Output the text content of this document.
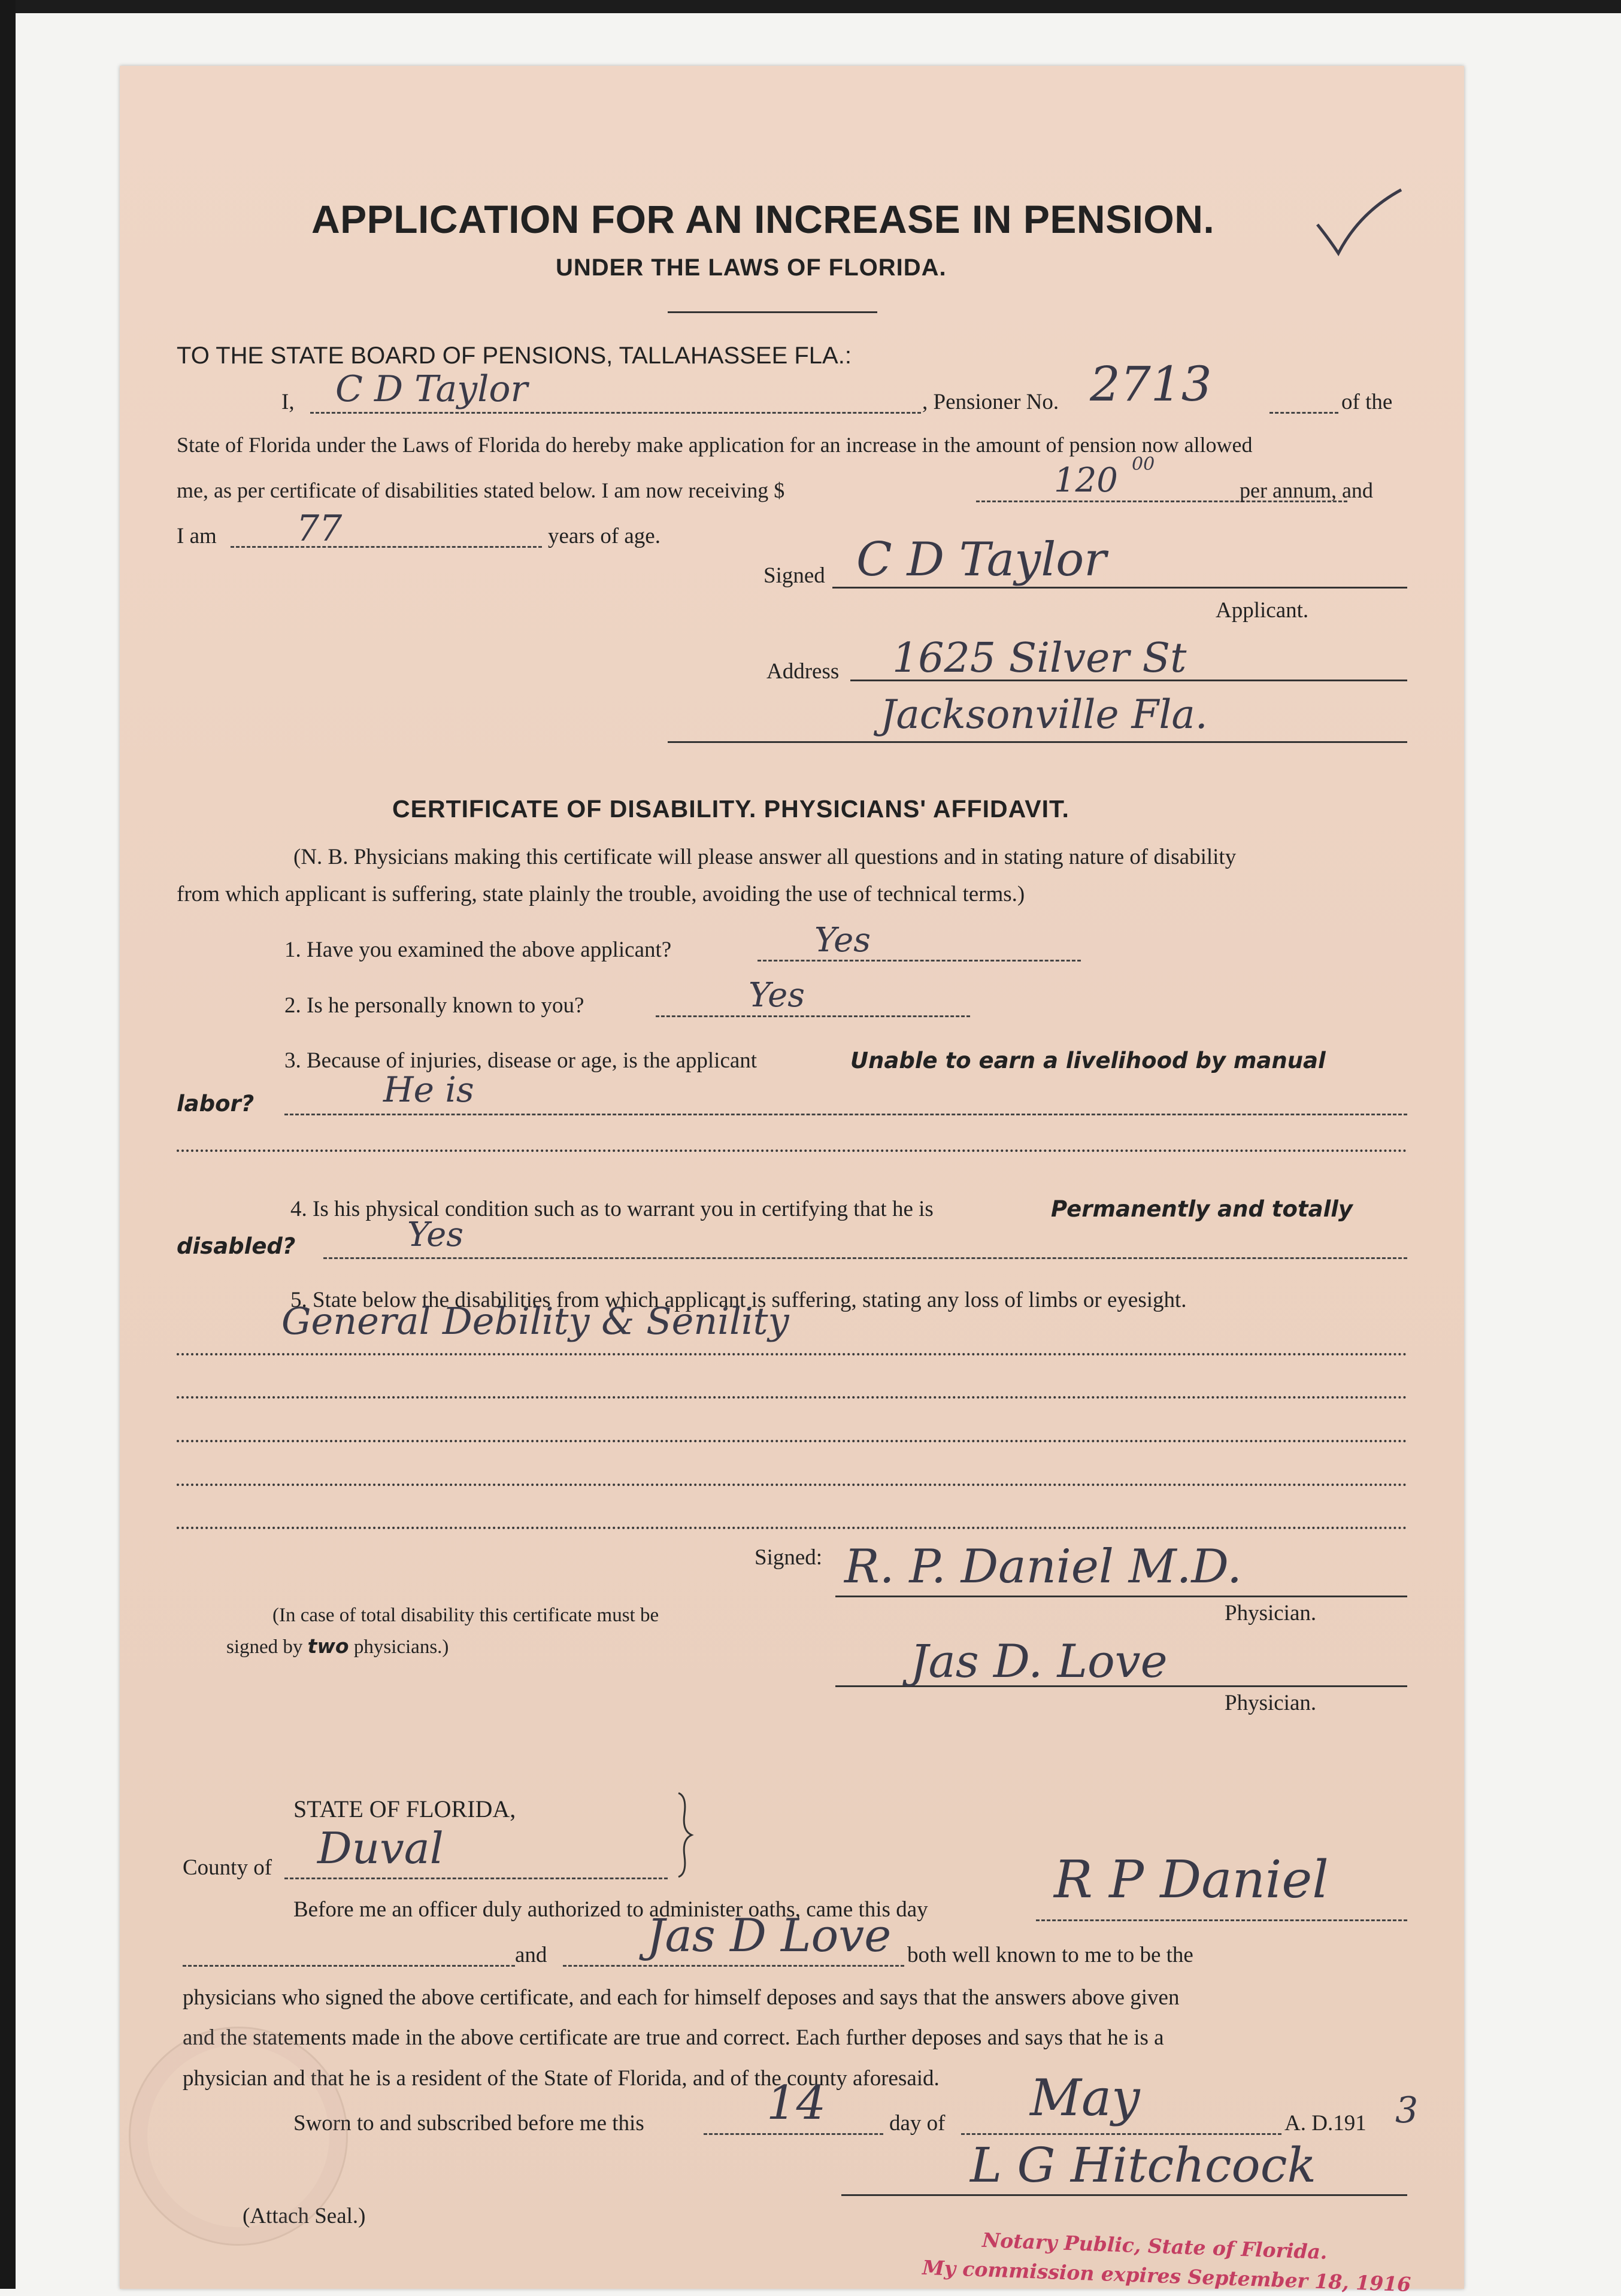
APPLICATION FOR AN INCREASE IN PENSION.
UNDER THE LAWS OF FLORIDA.
TO THE STATE BOARD OF PENSIONS, TALLAHASSEE FLA.:
I, C D Taylor	, Pensioner No. 2713	of the
State of Florida under the Laws of Florida do hereby make application for an increase in the amount of pension now allowed
me, as per certificate of disabilities stated below. I am now receiving $	120 00
per annum, and
I am 77	years of age.
Signed C D Taylor
Applicant.
Address 1625 Silver St
Jacksonville Fla.
CERTIFICATE OF DISABILITY. PHYSICIANS' AFFIDAVIT.
(N. B. Physicians making this certificate will please answer all questions and in stating nature of disability
from which applicant is suffering, state plainly the trouble, avoiding the use of technical terms.)
1. Have you examined the above applicant?	Yes
2. Is he personally known to you?	Yes
3. Because of injuries, disease or age, is the applicant	Unable to earn a livelihood by manual
labor?	He is
4. Is his physical condition such as to warrant you in certifying that he is	Permanently and totally
disabled?	Yes
5. State below the disabilities from which applicant is suffering, stating any loss of limbs or eyesight.
General Debility & Senility
Signed: R. P. Daniel M.D.
Physician.
(In case of total disability this certificate must be
signed by two physicians.)	Jas D. Love
Physician.
STATE OF FLORIDA,
County of Duval
Before me an officer duly authorized to administer oaths, came this day R P Daniel
and Jas D Love both well known to me to be the
physicians who signed the above certificate, and each for himself deposes and says that the answers above given
and the statements made in the above certificate are true and correct. Each further deposes and says that he is a
physician and that he is a resident of the State of Florida, and of the county aforesaid.
Sworn to and subscribed before me this	14	day of May	A. D.191 3
L G Hitchcock
(Attach Seal.)
Notary Public, State of Florida.
My commission expires September 18, 1916
